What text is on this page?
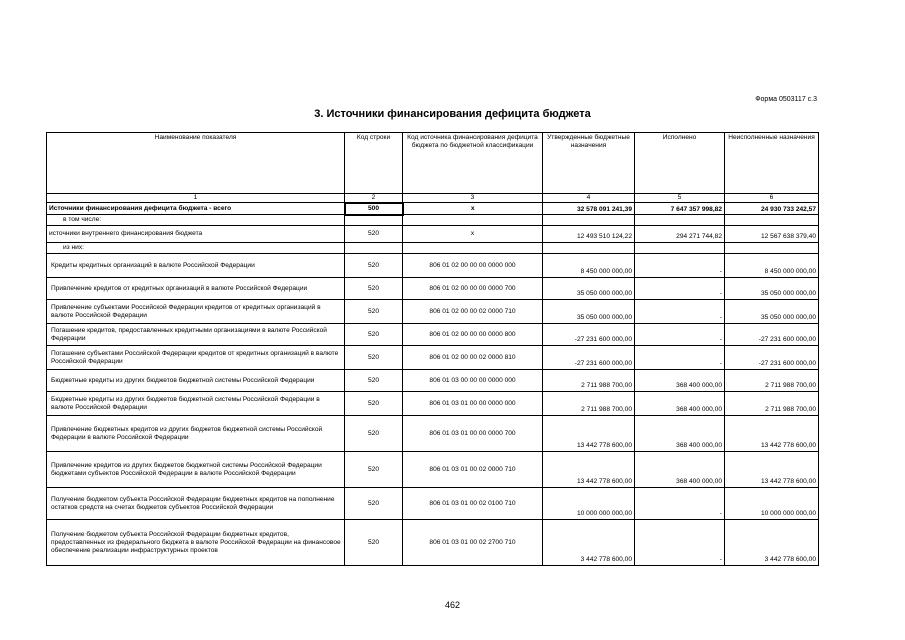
Форма 0503117 с.3
3. Источники финансирования дефицита бюджета
Наименование показателя	Код строки	Код источника финансирования дефицита бюджета по бюджетной классификации	Утвержденные бюджетные назначения	Исполнено	Неисполненные назначения
1	2	3	4	5	6
Источники финансирования дефицита бюджета - всего	500	x	32 578 091 241,39	7 647 357 998,82	24 930 733 242,57
в том числе:					
источники внутреннего финансирования бюджета	520	x	12 493 510 124,22	294 271 744,82	12 567 638 379,40
из них:					
Кредиты кредитных организаций в валюте Российской Федерации	520	806 01 02 00 00 00 0000 000	8 450 000 000,00	-	8 450 000 000,00
Привлечение кредитов от кредитных организаций в валюте Российской Федерации	520	806 01 02 00 00 00 0000 700	35 050 000 000,00	-	35 050 000 000,00
Привлечение субъектами Российской Федерации кредитов от кредитных организаций в валюте Российской Федерации	520	806 01 02 00 00 02 0000 710	35 050 000 000,00	-	35 050 000 000,00
Погашение кредитов, предоставленных кредитными организациями в валюте Российской Федерации	520	806 01 02 00 00 00 0000 800	-27 231 600 000,00	-	-27 231 600 000,00
Погашение субъектами Российской Федерации кредитов от кредитных организаций в валюте Российской Федерации	520	806 01 02 00 00 02 0000 810	-27 231 600 000,00	-	-27 231 600 000,00
Бюджетные кредиты из других бюджетов бюджетной системы Российской Федерации	520	806 01 03 00 00 00 0000 000	2 711 988 700,00	368 400 000,00	2 711 988 700,00
Бюджетные кредиты из других бюджетов бюджетной системы Российской Федерации в валюте Российской Федерации	520	806 01 03 01 00 00 0000 000	2 711 988 700,00	368 400 000,00	2 711 988 700,00
Привлечение бюджетных кредитов из других бюджетов бюджетной системы Российской Федерации в валюте Российской Федерации	520	806 01 03 01 00 00 0000 700	13 442 778 600,00	368 400 000,00	13 442 778 600,00
Привлечение кредитов из других бюджетов бюджетной системы Российской Федерации бюджетами субъектов Российской Федерации в валюте Российской Федерации	520	806 01 03 01 00 02 0000 710	13 442 778 600,00	368 400 000,00	13 442 778 600,00
Получение бюджетом субъекта Российской Федерации бюджетных кредитов на пополнение остатков средств на счетах бюджетов субъектов Российской Федерации	520	806 01 03 01 00 02 0100 710	10 000 000 000,00	-	10 000 000 000,00
Получение бюджетом субъекта Российской Федерации бюджетных кредитов, предоставленных из федерального бюджета в валюте Российской Федерации на финансовое обеспечение реализации инфраструктурных проектов	520	806 01 03 01 00 02 2700 710	3 442 778 600,00	-	3 442 778 600,00
462
